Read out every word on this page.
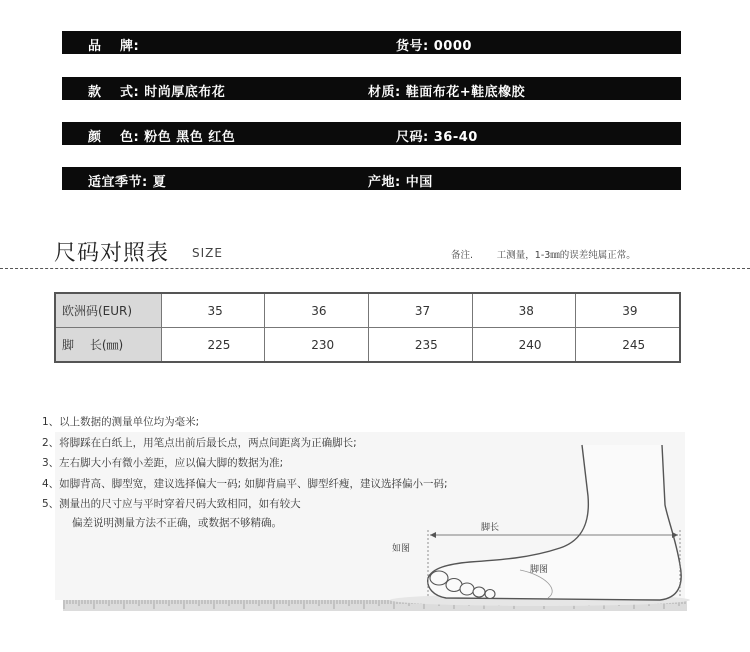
品　 牌:	货号: 0000
款　 式: 时尚厚底布花	材质: 鞋面布花+鞋底橡胶
颜　 色: 粉色 黑色 红色	尺码: 36-40
适宜季节: 夏	产地: 中国
尺码对照表 SIZE	备注.　　 工测量，1-3㎜的误差纯属正常。
欧洲码(EUR)	35	36	37	38	39
脚　 长(㎜)	225	230	235	240	245
脚长
如图
脚图
1、以上数据的测量单位均为毫米;
2、将脚踩在白纸上，用笔点出前后最长点，两点间距离为正确脚长;
3、左右脚大小有微小差距，应以偏大脚的数据为准;
4、如脚背高、脚型宽，建议选择偏大一码; 如脚背扁平、脚型纤瘦，建议选择偏小一码;
5、测量出的尺寸应与平时穿着尺码大致相同，如有较大
偏差说明测量方法不正确，或数据不够精确。
